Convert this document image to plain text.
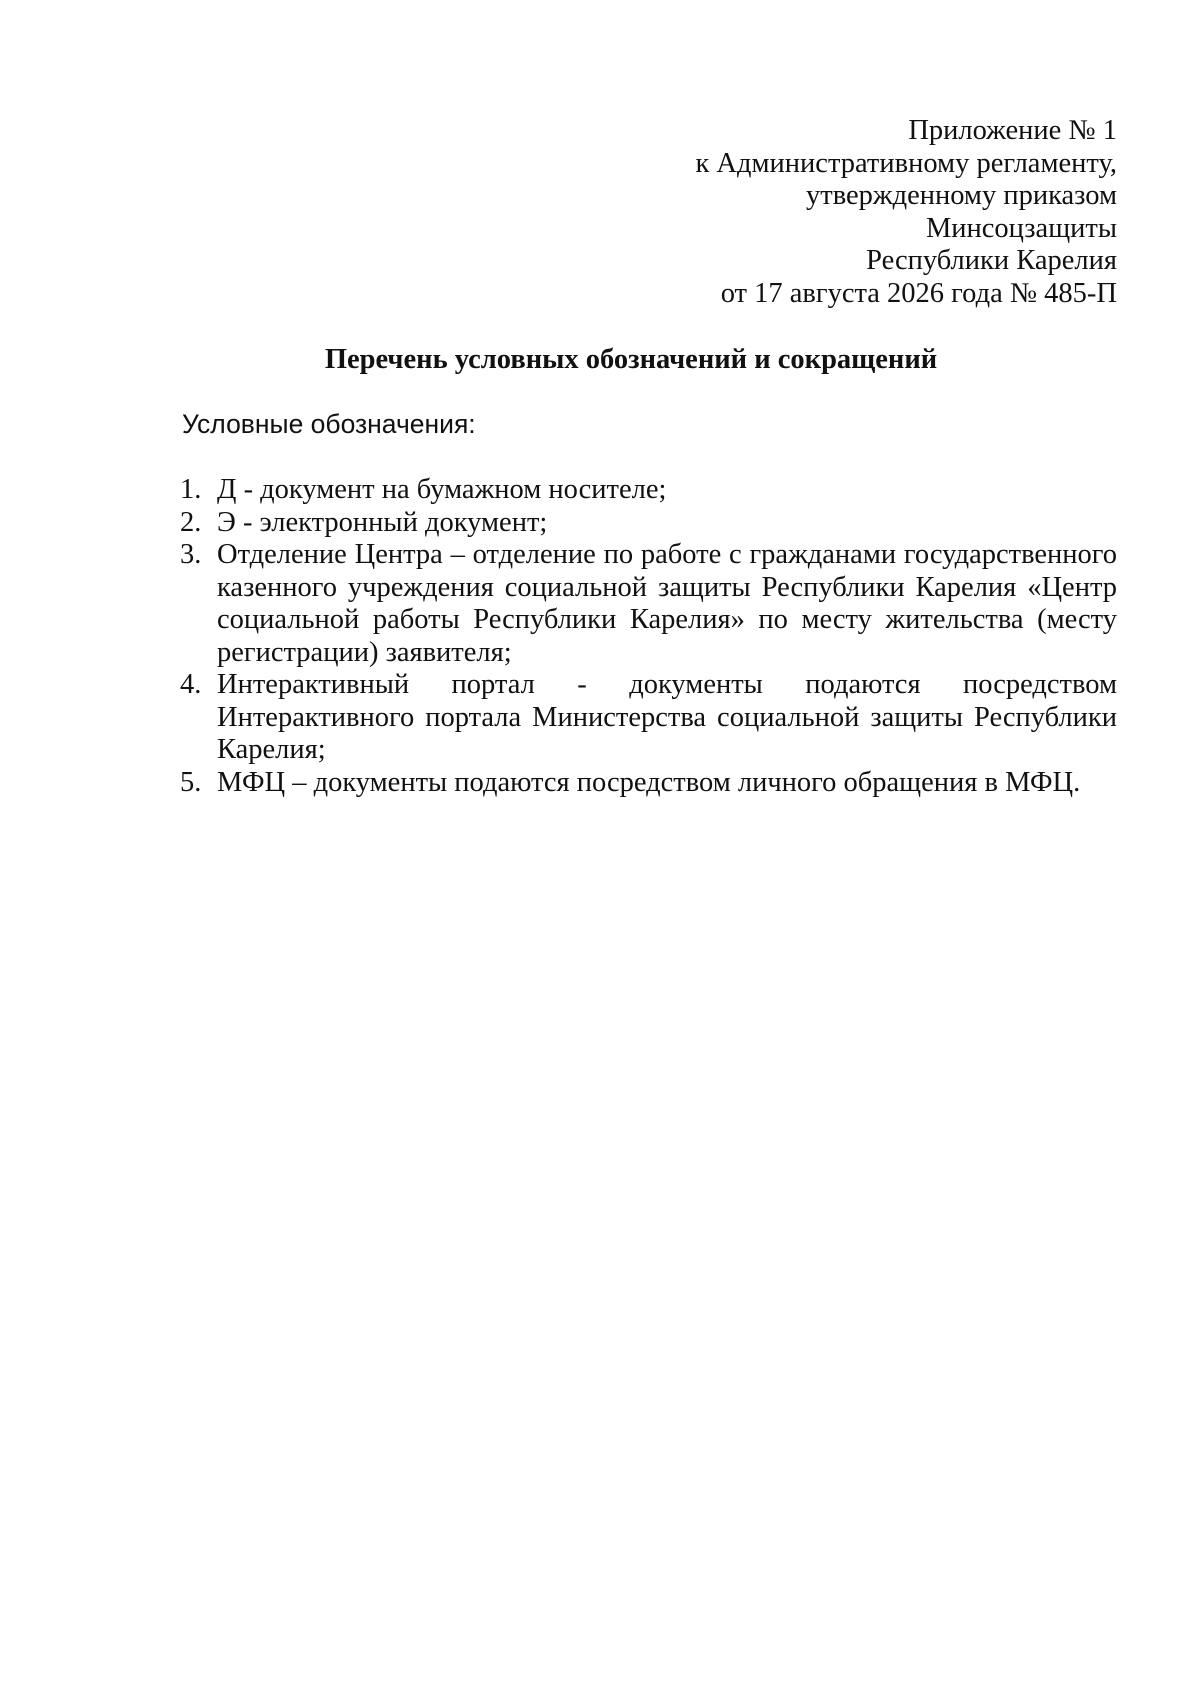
Приложение № 1
к Административному регламенту,
утвержденному приказом
Минсоцзащиты
Республики Карелия
от 17 августа 2026 года № 485-П
Перечень условных обозначений и сокращений
Условные обозначения:
1. Д - документ на бумажном носителе;
2. Э - электронный документ;
3. Отделение Центра – отделение по работе с гражданами государственного
казенного учреждения социальной защиты Республики Карелия «Центр
социальной работы Республики Карелия» по месту жительства (месту
регистрации) заявителя;
4. Интерактивный портал - документы подаются посредством
Интерактивного портала Министерства социальной защиты Республики
Карелия;
5. МФЦ – документы подаются посредством личного обращения в МФЦ.
